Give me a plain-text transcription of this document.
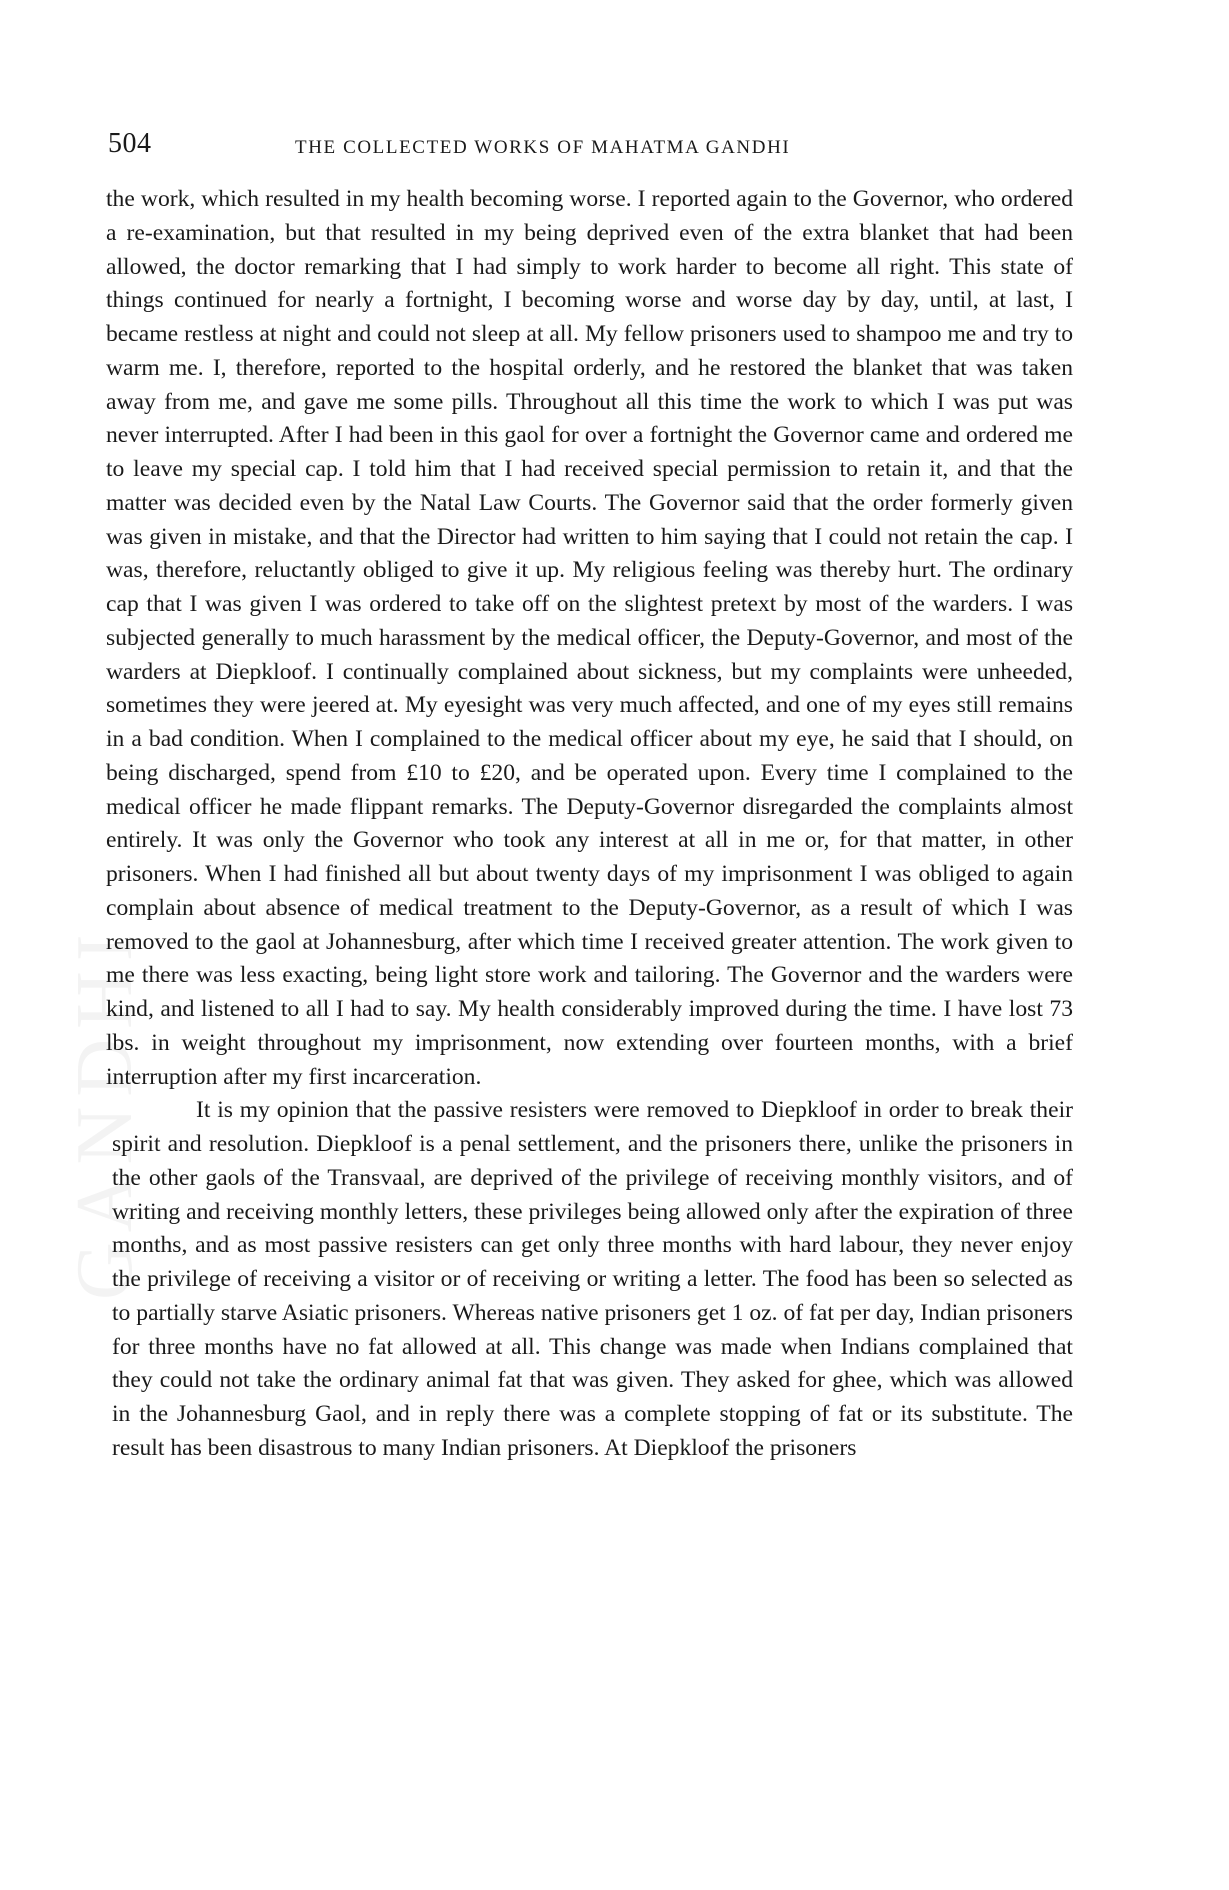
GANDHI
504	THE COLLECTED WORKS OF MAHATMA GANDHI

the work, which resulted in my health becoming worse. I reported again to the Governor, who ordered a re-examination, but that resulted in my being deprived even of the extra blanket that had been allowed, the doctor remarking that I had simply to work harder to become all right. This state of things continued for nearly a fortnight, I becoming worse and worse day by day, until, at last, I became restless at night and could not sleep at all. My fellow prisoners used to shampoo me and try to warm me. I, therefore, reported to the hospital orderly, and he restored the blanket that was taken away from me, and gave me some pills. Throughout all this time the work to which I was put was never interrupted. After I had been in this gaol for over a fortnight the Governor came and ordered me to leave my special cap. I told him that I had received special permission to retain it, and that the matter was decided even by the Natal Law Courts. The Governor said that the order formerly given was given in mistake, and that the Director had written to him saying that I could not retain the cap. I was, therefore, reluctantly obliged to give it up. My religious feeling was thereby hurt. The ordinary cap that I was given I was ordered to take off on the slightest pretext by most of the warders. I was subjected generally to much harassment by the medical officer, the Deputy-Governor, and most of the warders at Diepkloof. I continually complained about sickness, but my complaints were unheeded, sometimes they were jeered at. My eyesight was very much affected, and one of my eyes still remains in a bad condition. When I complained to the medical officer about my eye, he said that I should, on being discharged, spend from £10 to £20, and be operated upon. Every time I complained to the medical officer he made flippant remarks. The Deputy-Governor disregarded the complaints almost entirely. It was only the Governor who took any interest at all in me or, for that matter, in other prisoners. When I had finished all but about twenty days of my imprisonment I was obliged to again complain about absence of medical treatment to the Deputy-Governor, as a result of which I was removed to the gaol at Johannesburg, after which time I received greater attention. The work given to me there was less exacting, being light store work and tailoring. The Governor and the warders were kind, and listened to all I had to say. My health considerably improved during the time. I have lost 73 lbs. in weight throughout my imprisonment, now extending over fourteen months, with a brief interruption after my first incarceration.

It is my opinion that the passive resisters were removed to Diepkloof in order to break their spirit and resolution. Diepkloof is a penal settlement, and the prisoners there, unlike the prisoners in the other gaols of the Transvaal, are deprived of the privilege of receiving monthly visitors, and of writing and receiving monthly letters, these privileges being allowed only after the expiration of three months, and as most passive resisters can get only three months with hard labour, they never enjoy the privilege of receiving a visitor or of receiving or writing a letter. The food has been so selected as to partially starve Asiatic prisoners. Whereas native prisoners get 1 oz. of fat per day, Indian prisoners for three months have no fat allowed at all. This change was made when Indians complained that they could not take the ordinary animal fat that was given. They asked for ghee, which was allowed in the Johannesburg Gaol, and in reply there was a complete stopping of fat or its substitute. The result has been disastrous to many Indian prisoners. At Diepkloof the prisoners
